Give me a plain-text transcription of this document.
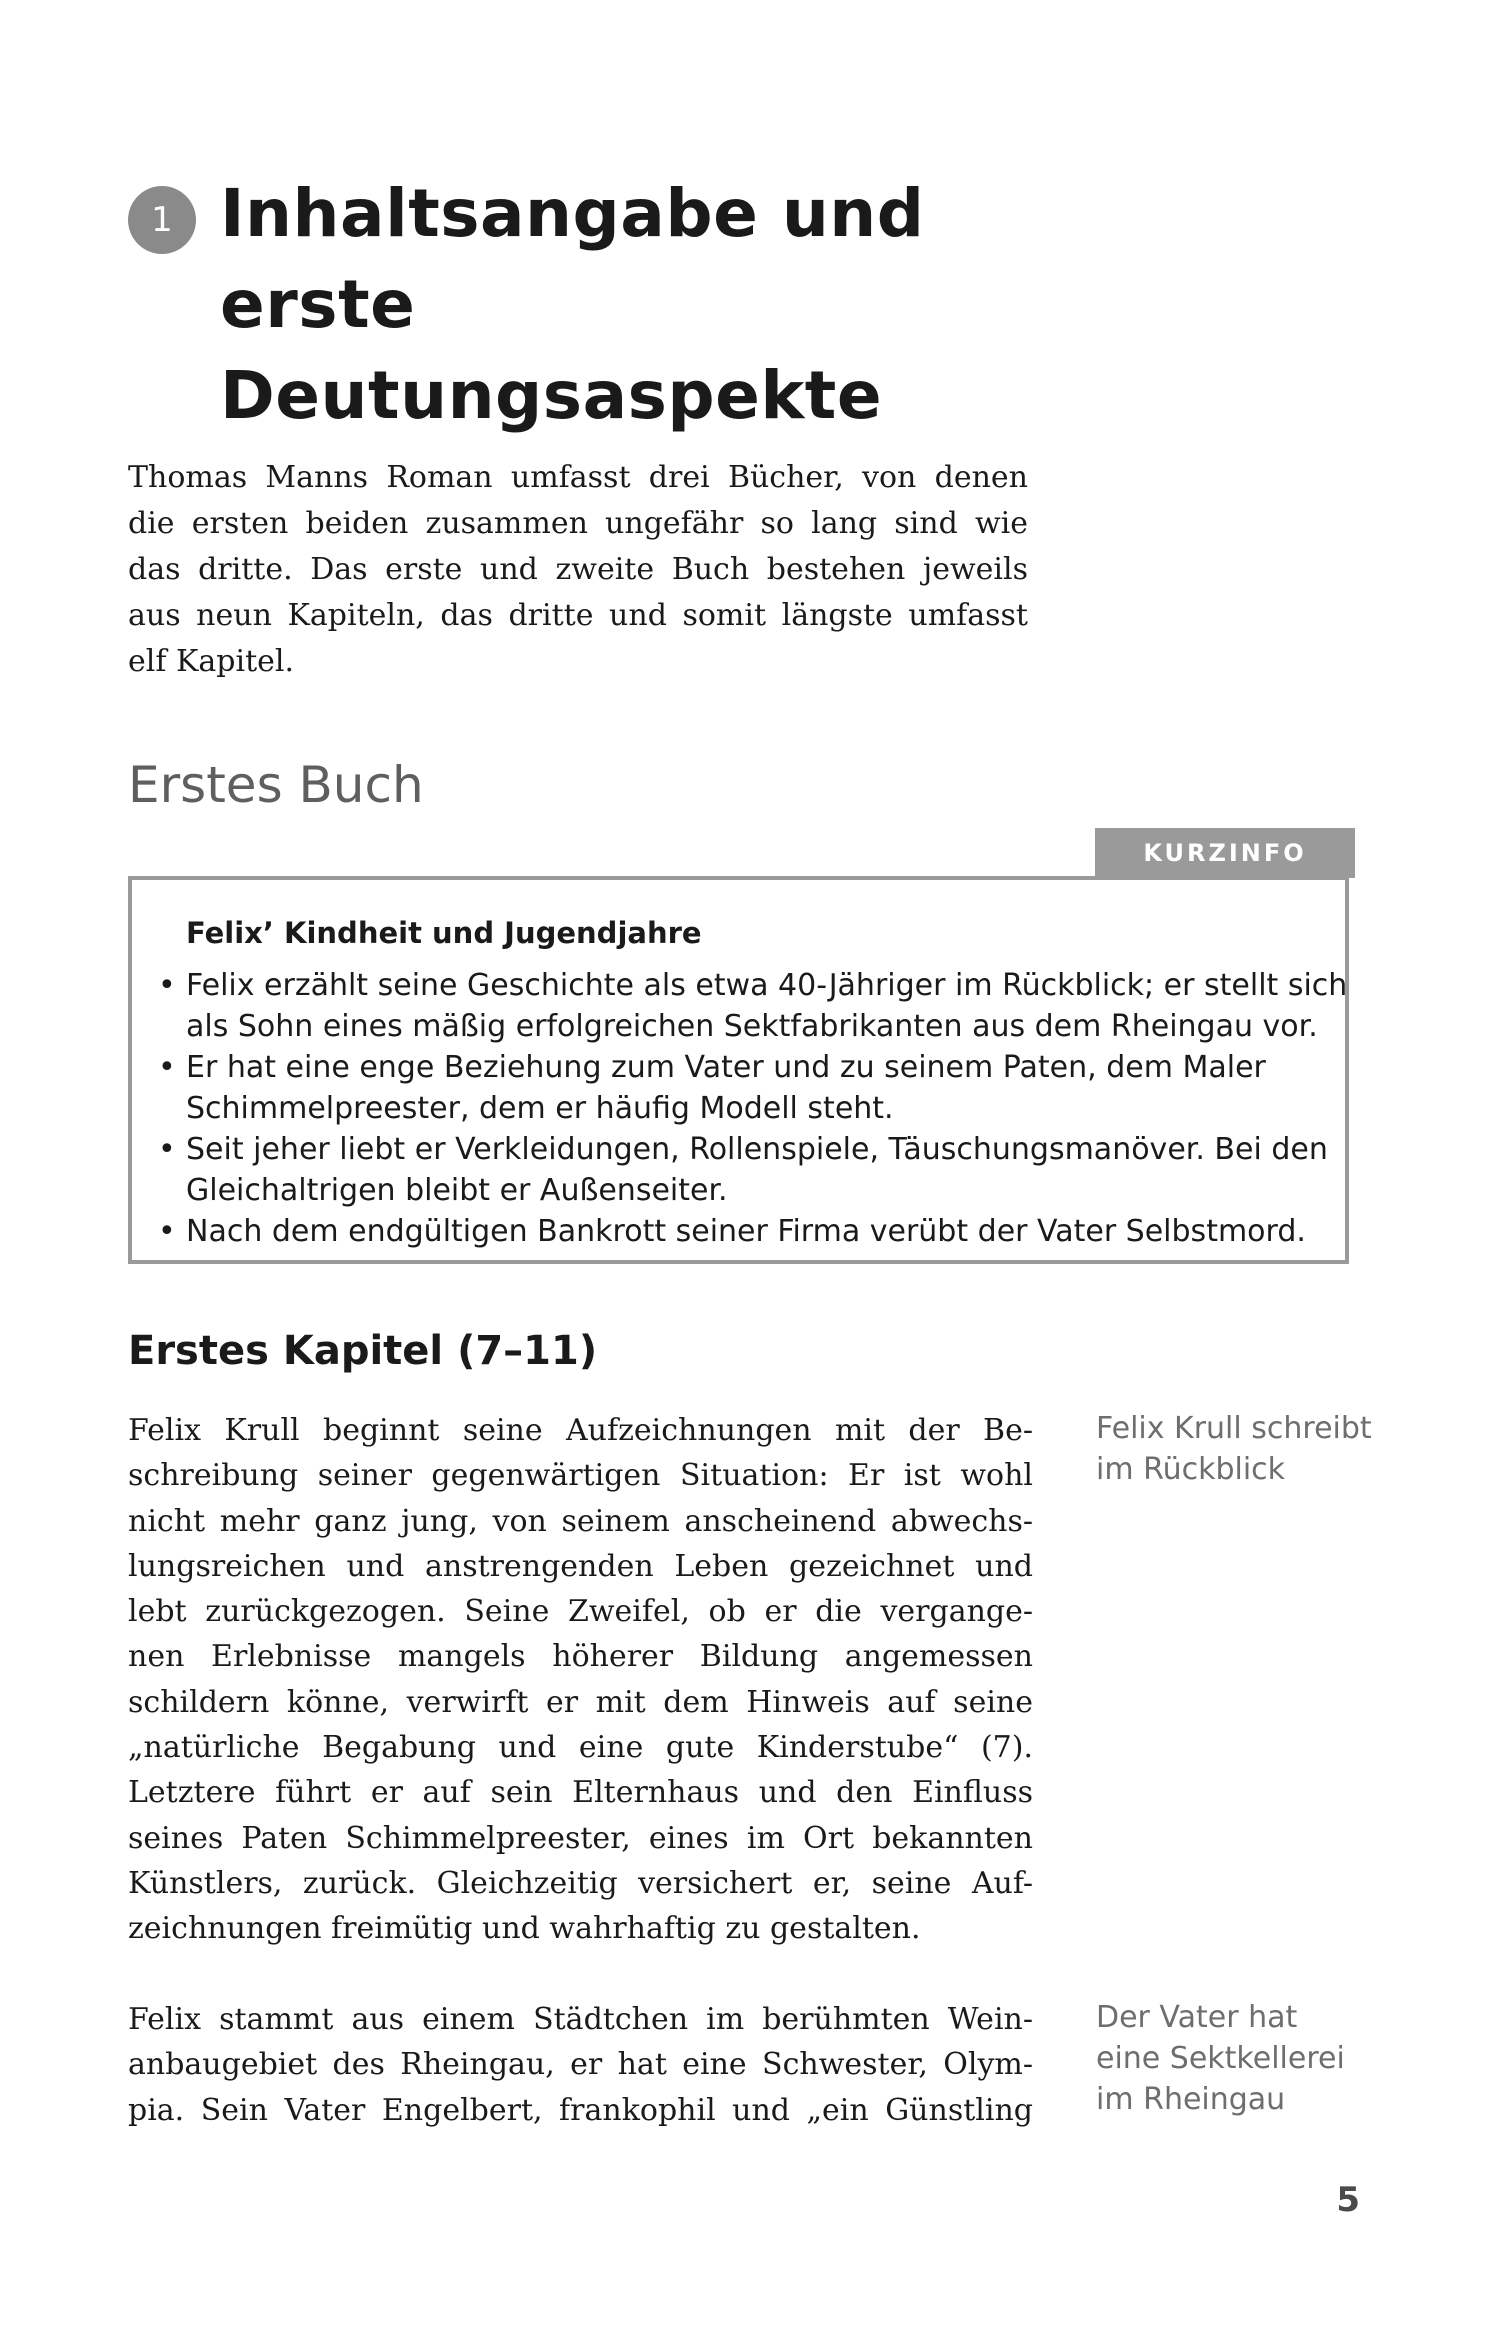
1 Inhaltsangabe und erste
Deutungsaspekte
Thomas Manns Roman umfasst drei Bücher, von denen
die ersten beiden zusammen ungefähr so lang sind wie
das dritte. Das erste und zweite Buch bestehen jeweils
aus neun Kapiteln, das dritte und somit längste umfasst
elf Kapitel.
Erstes Buch
KURZINFO
Felix’ Kindheit und Jugendjahre
• Felix erzählt seine Geschichte als etwa 40-Jähriger im Rückblick; er stellt sich
als Sohn eines mäßig erfolgreichen Sektfabrikanten aus dem Rheingau vor.
• Er hat eine enge Beziehung zum Vater und zu seinem Paten, dem Maler
Schimmelpreester, dem er häufig Modell steht.
• Seit jeher liebt er Verkleidungen, Rollenspiele, Täuschungsmanöver. Bei den
Gleichaltrigen bleibt er Außenseiter.
• Nach dem endgültigen Bankrott seiner Firma verübt der Vater Selbstmord.
Erstes Kapitel (7–11)
Felix Krull beginnt seine Aufzeichnungen mit der Be-
schreibung seiner gegenwärtigen Situation: Er ist wohl
nicht mehr ganz jung, von seinem anscheinend abwechs-
lungsreichen und anstrengenden Leben gezeichnet und
lebt zurückgezogen. Seine Zweifel, ob er die vergange-
nen Erlebnisse mangels höherer Bildung angemessen
schildern könne, verwirft er mit dem Hinweis auf seine
„natürliche Begabung und eine gute Kinderstube“ (7).
Letztere führt er auf sein Elternhaus und den Einfluss
seines Paten Schimmelpreester, eines im Ort bekannten
Künstlers, zurück. Gleichzeitig versichert er, seine Auf-
zeichnungen freimütig und wahrhaftig zu gestalten.
Felix Krull schreibt
im Rückblick
Felix stammt aus einem Städtchen im berühmten Wein-
anbaugebiet des Rheingau, er hat eine Schwester, Olym-
pia. Sein Vater Engelbert, frankophil und „ein Günstling
Der Vater hat
eine Sektkellerei
im Rheingau
5
